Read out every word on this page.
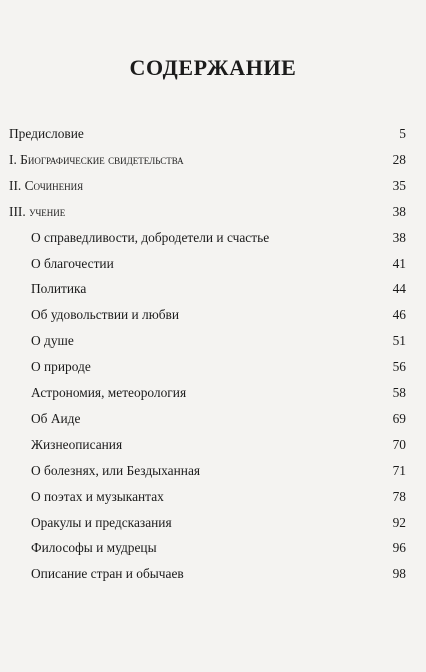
СОДЕРЖАНИЕ
Предисловие	5
I. Биографические свидетельства	28
II. Сочинения	35
III. учение	38
О справедливости, добродетели и счастье	38
О благочестии	41
Политика	44
Об удовольствии и любви	46
О душе	51
О природе	56
Астрономия, метеорология	58
Об Аиде	69
Жизнеописания	70
О болезнях, или Бездыханная	71
О поэтах и музыкантах	78
Оракулы и предсказания	92
Философы и мудрецы	96
Описание стран и обычаев	98
